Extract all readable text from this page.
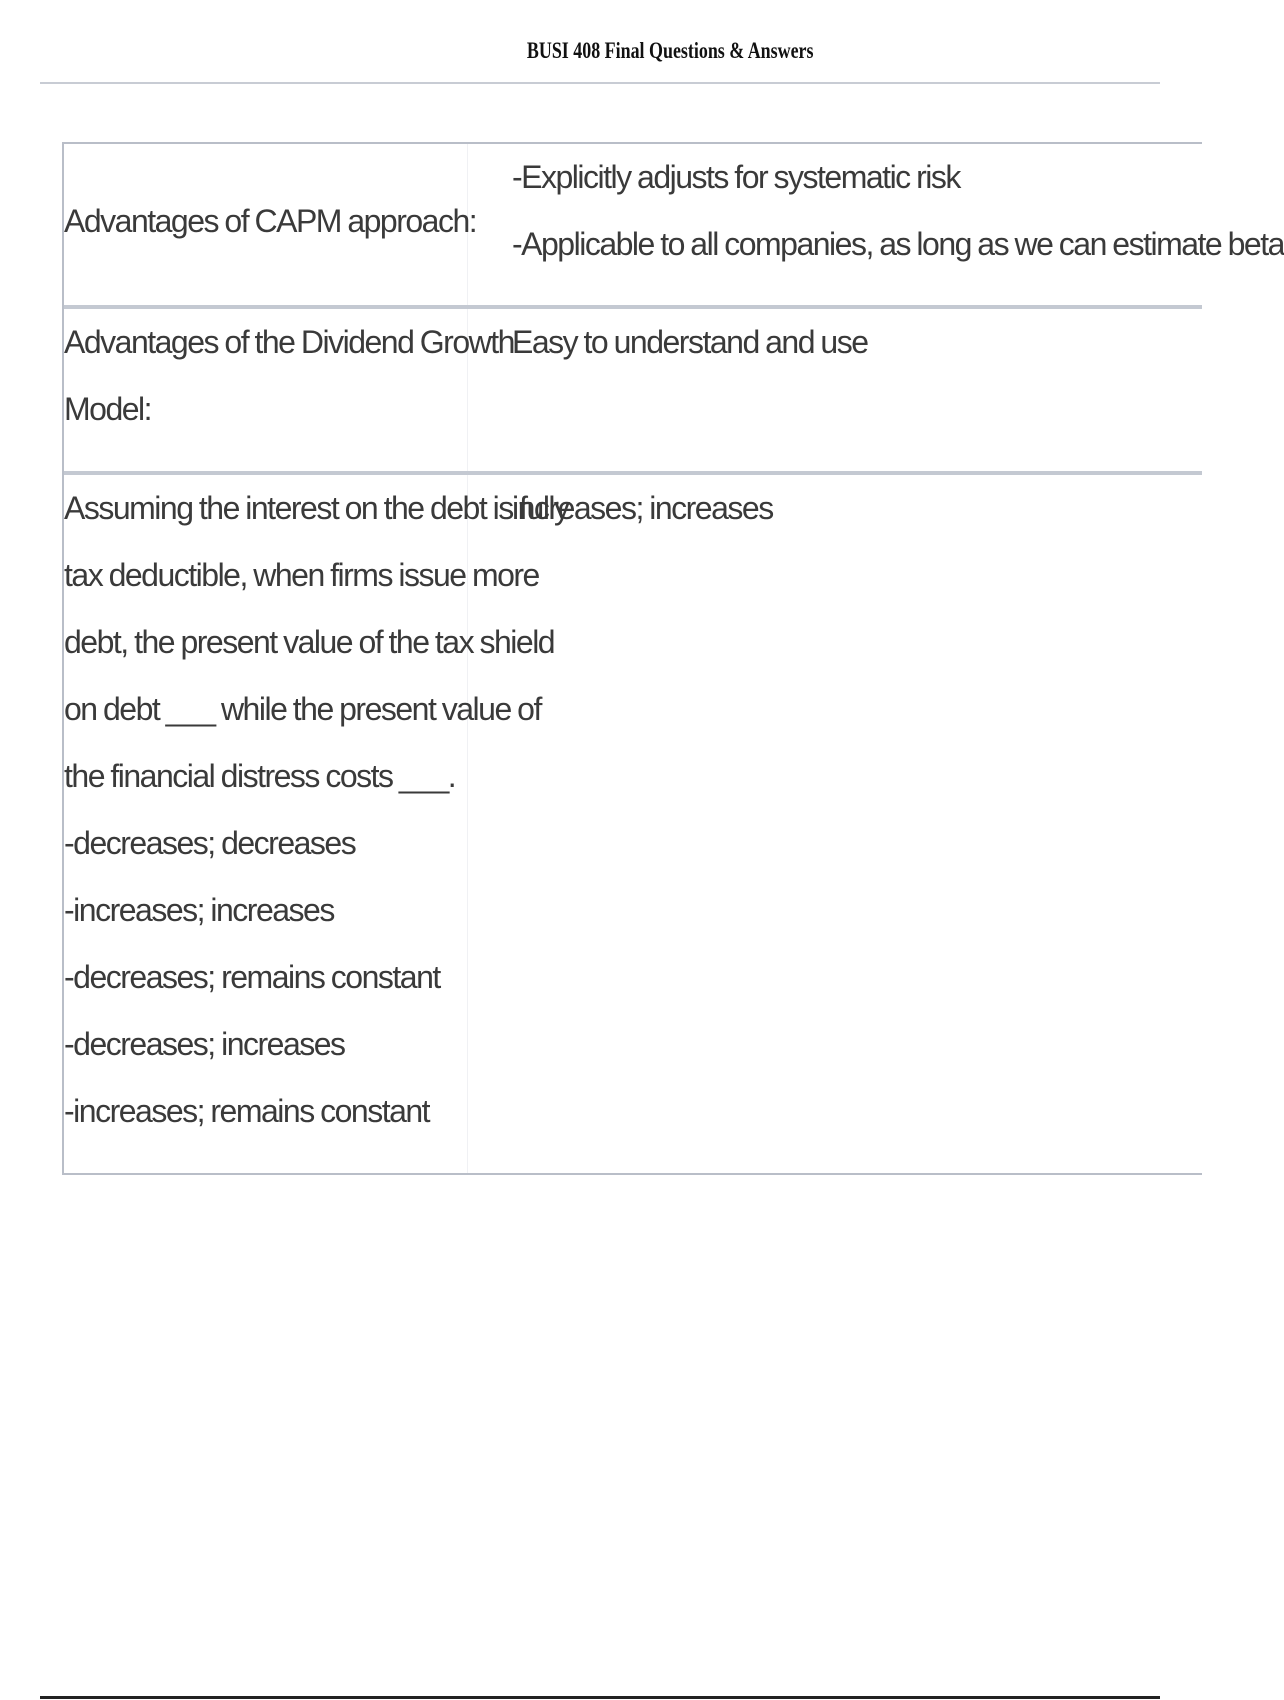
BUSI 408 Final Questions & Answers
Advantages of CAPM approach:
-Explicitly adjusts for systematic risk
-Applicable to all companies, as long as we can estimate beta
Advantages of the Dividend Growth
Model:
Easy to understand and use
Assuming the interest on the debt is fully
tax deductible, when firms issue more
debt, the present value of the tax shield
on debt ___ while the present value of
the financial distress costs ___.
-decreases; decreases
-increases; increases
-decreases; remains constant
-decreases; increases
-increases; remains constant
increases; increases
